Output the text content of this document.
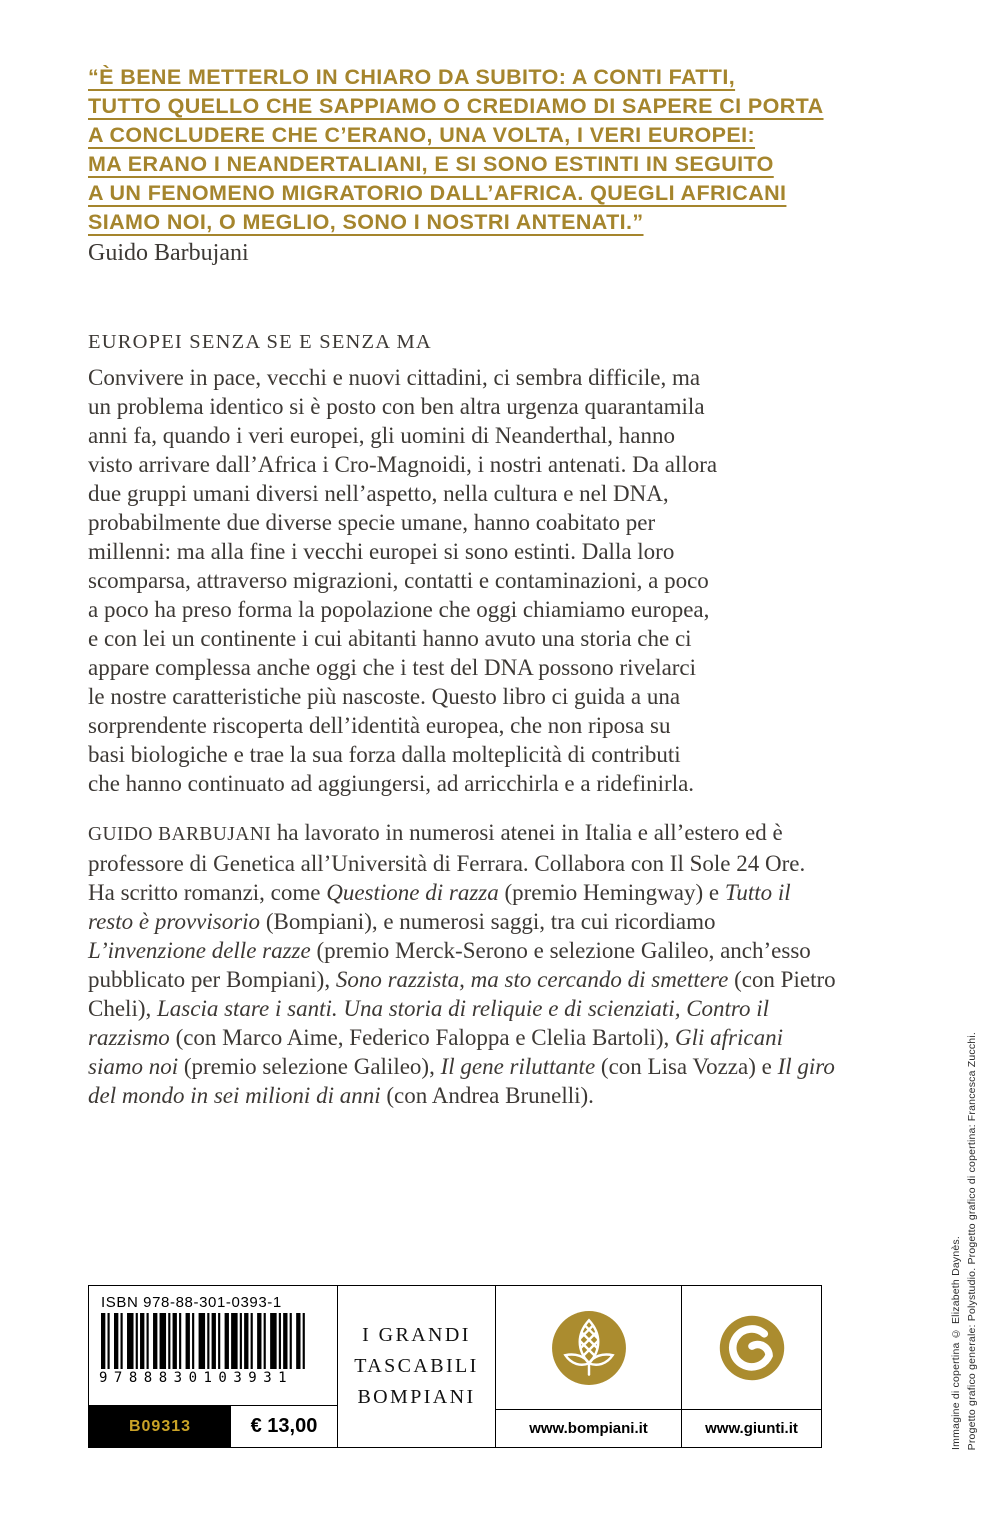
“È BENE METTERLO IN CHIARO DA SUBITO: A CONTI FATTI,
TUTTO QUELLO CHE SAPPIAMO O CREDIAMO DI SAPERE CI PORTA
A CONCLUDERE CHE C’ERANO, UNA VOLTA, I VERI EUROPEI:
MA ERANO I NEANDERTALIANI, E SI SONO ESTINTI IN SEGUITO
A UN FENOMENO MIGRATORIO DALL’AFRICA. QUEGLI AFRICANI
SIAMO NOI, O MEGLIO, SONO I NOSTRI ANTENATI.”
Guido Barbujani
EUROPEI SENZA SE E SENZA MA
Convivere in pace, vecchi e nuovi cittadini, ci sembra difficile, ma
un problema identico si è posto con ben altra urgenza quarantamila
anni fa, quando i veri europei, gli uomini di Neanderthal, hanno
visto arrivare dall’Africa i Cro-Magnoidi, i nostri antenati. Da allora
due gruppi umani diversi nell’aspetto, nella cultura e nel DNA,
probabilmente due diverse specie umane, hanno coabitato per
millenni: ma alla fine i vecchi europei si sono estinti. Dalla loro
scomparsa, attraverso migrazioni, contatti e contaminazioni, a poco
a poco ha preso forma la popolazione che oggi chiamiamo europea,
e con lei un continente i cui abitanti hanno avuto una storia che ci
appare complessa anche oggi che i test del DNA possono rivelarci
le nostre caratteristiche più nascoste. Questo libro ci guida a una
sorprendente riscoperta dell’identità europea, che non riposa su
basi biologiche e trae la sua forza dalla molteplicità di contributi
che hanno continuato ad aggiungersi, ad arricchirla e a ridefinirla.

GUIDO BARBUJANI ha lavorato in numerosi atenei in Italia e all’estero ed è professore di Genetica all’Università di Ferrara. Collabora con Il Sole 24 Ore. Ha scritto romanzi, come Questione di razza (premio Hemingway) e Tutto il resto è provvisorio (Bompiani), e numerosi saggi, tra cui ricordiamo L’invenzione delle razze (premio Merck-Serono e selezione Galileo, anch’esso pubblicato per Bompiani), Sono razzista, ma sto cercando di smettere (con Pietro Cheli), Lascia stare i santi. Una storia di reliquie e di scienziati, Contro il razzismo (con Marco Aime, Federico Faloppa e Clelia Bartoli), Gli africani siamo noi (premio selezione Galileo), Il gene riluttante (con Lisa Vozza) e Il giro del mondo in sei milioni di anni (con Andrea Brunelli).

ISBN 978-88-301-0393-1
9788830103931
B09313	€ 13,00
I GRANDI
TASCABILI
BOMPIANI
www.bompiani.it	www.giunti.it	Immagine di copertina © Elizabeth Daynès. Progetto grafico generale: Polystudio. Progetto grafico di copertina: Francesca Zucchi.
